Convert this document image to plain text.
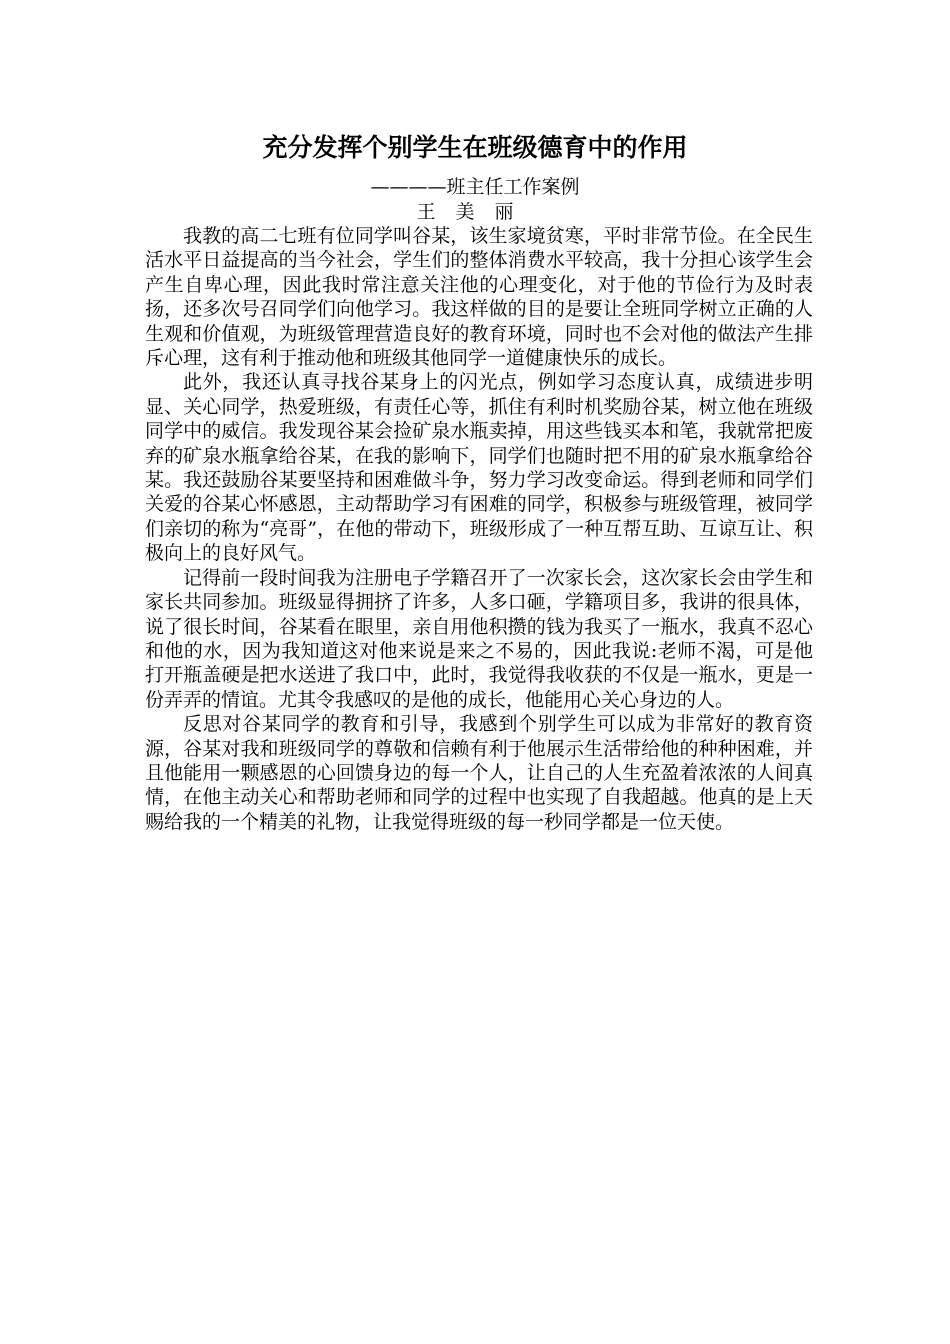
充分发挥个别学生在班级德育中的作用
————班主任工作案例
王美丽

我教的高二七班有位同学叫谷某，该生家境贫寒，平时非常节俭。在全民生活水平日益提高的当今社会，学生们的整体消费水平较高，我十分担心该学生会产生自卑心理，因此我时常注意关注他的心理变化，对于他的节俭行为及时表扬，还多次号召同学们向他学习。我这样做的目的是要让全班同学树立正确的人生观和价值观，为班级管理营造良好的教育环境，同时也不会对他的做法产生排斥心理，这有利于推动他和班级其他同学一道健康快乐的成长。

此外，我还认真寻找谷某身上的闪光点，例如学习态度认真，成绩进步明显、关心同学，热爱班级，有责任心等，抓住有利时机奖励谷某，树立他在班级同学中的威信。我发现谷某会捡矿泉水瓶卖掉，用这些钱买本和笔，我就常把废弃的矿泉水瓶拿给谷某，在我的影响下，同学们也随时把不用的矿泉水瓶拿给谷某。我还鼓励谷某要坚持和困难做斗争，努力学习改变命运。得到老师和同学们关爱的谷某心怀感恩，主动帮助学习有困难的同学，积极参与班级管理，被同学们亲切的称为“亮哥”，在他的带动下，班级形成了一种互帮互助、互谅互让、积极向上的良好风气。

记得前一段时间我为注册电子学籍召开了一次家长会，这次家长会由学生和家长共同参加。班级显得拥挤了许多，人多口砸，学籍项目多，我讲的很具体，说了很长时间，谷某看在眼里，亲自用他积攒的钱为我买了一瓶水，我真不忍心和他的水，因为我知道这对他来说是来之不易的，因此我说:老师不渴，可是他打开瓶盖硬是把水送进了我口中，此时，我觉得我收获的不仅是一瓶水，更是一份弄弄的情谊。尤其令我感叹的是他的成长，他能用心关心身边的人。

反思对谷某同学的教育和引导，我感到个别学生可以成为非常好的教育资源，谷某对我和班级同学的尊敬和信赖有利于他展示生活带给他的种种困难，并且他能用一颗感恩的心回馈身边的每一个人，让自己的人生充盈着浓浓的人间真情，在他主动关心和帮助老师和同学的过程中也实现了自我超越。他真的是上天赐给我的一个精美的礼物，让我觉得班级的每一秒同学都是一位天使。
